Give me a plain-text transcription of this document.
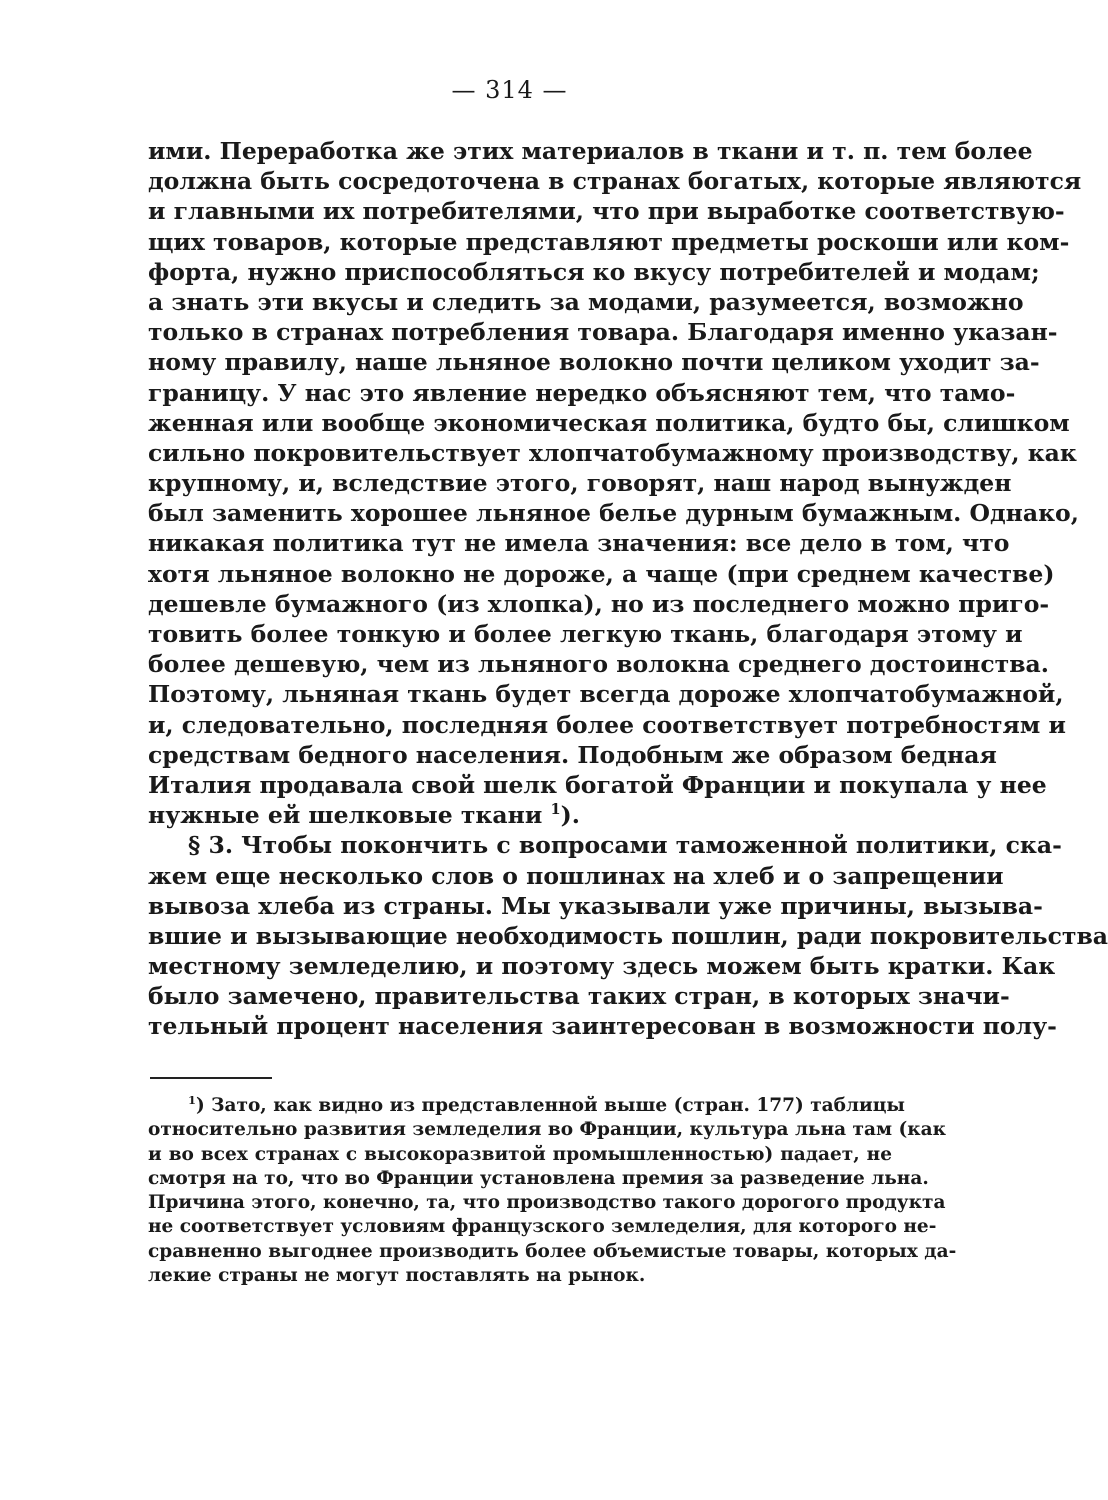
— 314 —
ими. Переработка же этих материалов в ткани и т. п. тем более
должна быть сосредоточена в странах богатых, которые являются
и главными их потребителями, что при выработке соответствую-
щих товаров, которые представляют предметы роскоши или ком-
форта, нужно приспособляться ко вкусу потребителей и модам;
а знать эти вкусы и следить за модами, разумеется, возможно
только в странах потребления товара. Благодаря именно указан-
ному правилу, наше льняное волокно почти целиком уходит за-
границу. У нас это явление нередко объясняют тем, что тамо-
женная или вообще экономическая политика, будто бы, слишком
сильно покровительствует хлопчатобумажному производству, как
крупному, и, вследствие этого, говорят, наш народ вынужден
был заменить хорошее льняное белье дурным бумажным. Однако,
никакая политика тут не имела значения: все дело в том, что
хотя льняное волокно не дороже, а чаще (при среднем качестве)
дешевле бумажного (из хлопка), но из последнего можно приго-
товить более тонкую и более легкую ткань, благодаря этому и
более дешевую, чем из льняного волокна среднего достоинства.
Поэтому, льняная ткань будет всегда дороже хлопчатобумажной,
и, следовательно, последняя более соответствует потребностям и
средствам бедного населения. Подобным же образом бедная
Италия продавала свой шелк богатой Франции и покупала у нее
нужные ей шелковые ткани $^1$).
§ 3. Чтобы покончить с вопросами таможенной политики, ска-
жем еще несколько слов о пошлинах на хлеб и о запрещении
вывоза хлеба из страны. Мы указывали уже причины, вызыва-
вшие и вызывающие необходимость пошлин, ради покровительства
местному земледелию, и поэтому здесь можем быть кратки. Как
было замечено, правительства таких стран, в которых значи-
тельный процент населения заинтересован в возможности полу-
$^1$) Зато, как видно из представленной выше (стран. 177) таблицы
относительно развития земледелия во Франции, культура льна там (как
и во всех странах с высокоразвитой промышленностью) падает, не
смотря на то, что во Франции установлена премия за разведение льна.
Причина этого, конечно, та, что производство такого дорогого продукта
не соответствует условиям французского земледелия, для которого не-
сравненно выгоднее производить более объемистые товары, которых да-
лекие страны не могут поставлять на рынок.
